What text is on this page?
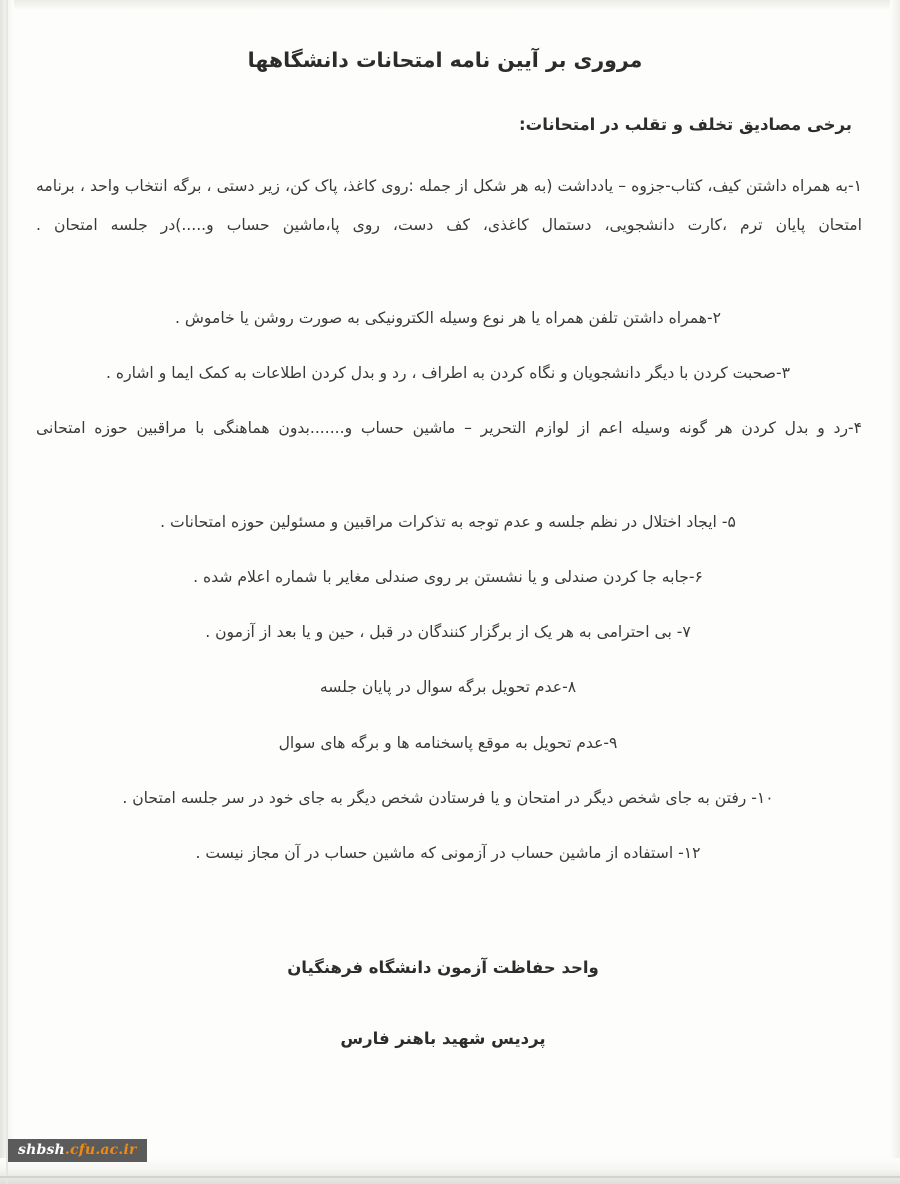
مروری بر آیین نامه امتحانات دانشگاهها
برخی مصادیق تخلف و تقلب در امتحانات:
۱-به همراه داشتن کیف، کتاب-جزوه – یادداشت (به هر شکل از جمله :روی کاغذ، پاک کن، زیر دستی ، برگه انتخاب واحد ، برنامه امتحان پایان ترم ،کارت دانشجویی، دستمال کاغذی، کف دست، روی پا،ماشین حساب و.....)در جلسه امتحان .
۲-همراه داشتن تلفن همراه یا هر نوع وسیله الکترونیکی به صورت روشن یا خاموش .
۳-صحبت کردن با دیگر دانشجویان و نگاه کردن به اطراف ، رد و بدل کردن اطلاعات به کمک ایما و اشاره .
۴-رد و بدل کردن هر گونه وسیله اعم از لوازم التحریر – ماشین حساب و.......بدون هماهنگی با مراقبین حوزه امتحانی
۵- ایجاد اختلال در نظم جلسه و عدم توجه به تذکرات مراقبین و مسئولین حوزه امتحانات .
۶-جابه جا کردن صندلی و یا نشستن بر روی صندلی مغایر با شماره اعلام شده .
۷- بی احترامی به هر یک از برگزار کنندگان در قبل ، حین و یا بعد از آزمون .
۸-عدم تحویل برگه سوال در پایان جلسه
۹-عدم تحویل به موقع پاسخنامه ها و برگه های سوال
۱۰- رفتن به جای شخص دیگر در امتحان و یا فرستادن شخص دیگر به جای خود در سر جلسه امتحان .
۱۲- استفاده از ماشین حساب در آزمونی که ماشین حساب در آن مجاز نیست .
واحد حفاظت آزمون دانشگاه فرهنگیان
پردیس شهید باهنر فارس
shbsh.cfu.ac.ir
